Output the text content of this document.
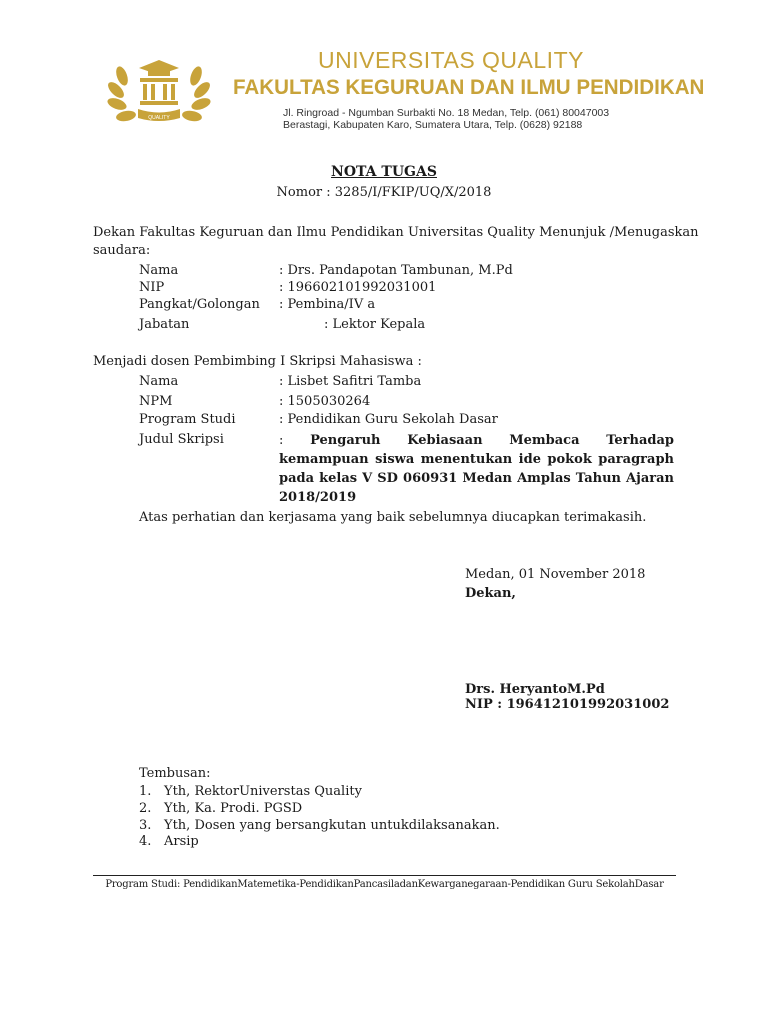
QUALITY
UNIVERSITAS QUALITY
FAKULTAS KEGURUAN DAN ILMU PENDIDIKAN
Jl. Ringroad - Ngumban Surbakti No. 18 Medan, Telp. (061) 80047003
Berastagi, Kabupaten Karo, Sumatera Utara, Telp. (0628) 92188
NOTA TUGAS
Nomor : 3285/I/FKIP/UQ/X/2018
Dekan Fakultas Keguruan dan Ilmu Pendidikan Universitas Quality Menunjuk /Menugaskan
saudara:
Nama	: Drs. Pandapotan Tambunan, M.Pd
NIP	: 196602101992031001
Pangkat/Golongan : Pembina/IV a
Jabatan	: Lektor Kepala
Menjadi dosen Pembimbing I Skripsi Mahasiswa :
Nama	: Lisbet Safitri Tamba
NPM	: 1505030264
Program Studi	: Pendidikan Guru Sekolah Dasar
Judul Skripsi	: Pengaruh Kebiasaan Membaca Terhadap kemampuan siswa menentukan ide pokok paragraph pada kelas V SD 060931 Medan Amplas Tahun Ajaran 2018/2019
Atas perhatian dan kerjasama yang baik sebelumnya diucapkan terimakasih.
Medan, 01 November 2018
Dekan,
Drs. HeryantoM.Pd
NIP : 196412101992031002
Tembusan:
1. Yth, RektorUniverstas Quality
2. Yth, Ka. Prodi. PGSD
3. Yth, Dosen yang bersangkutan untukdilaksanakan.
4. Arsip
Program Studi: PendidikanMatemetika-PendidikanPancasiladanKewarganegaraan-Pendidikan Guru SekolahDasar
